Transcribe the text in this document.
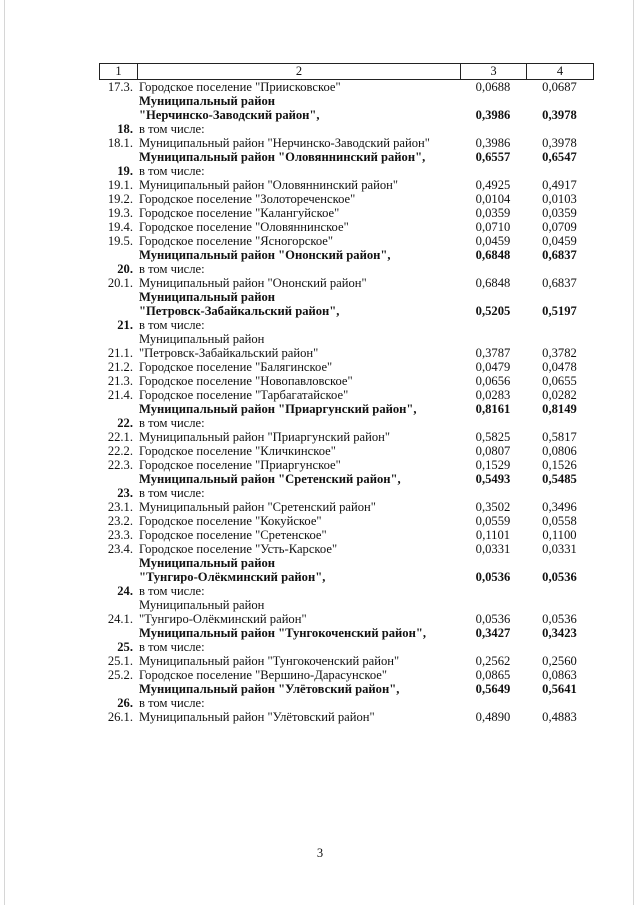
1	2	3	4
17.3.	Городское поселение "Приисковское"	0,0688	0,0687

18.	Муниципальный район
"Нерчинско-Заводский район",
в том числе:	0,3986	0,3978

18.1.	Муниципальный район "Нерчинско-Заводский район"	0,3986	0,3978

19.	Муниципальный район "Оловяннинский район",
в том числе:	0,6557	0,6547

19.1.	Муниципальный район "Оловяннинский район"	0,4925	0,4917

19.2.	Городское поселение "Золотореченское"	0,0104	0,0103

19.3.	Городское поселение "Калангуйское"	0,0359	0,0359

19.4.	Городское поселение "Оловяннинское"	0,0710	0,0709

19.5.	Городское поселение "Ясногорское"	0,0459	0,0459

20.	Муниципальный район "Ононский район",
в том числе:	0,6848	0,6837

20.1.	Муниципальный район "Ононский район"	0,6848	0,6837

21.	Муниципальный район
"Петровск-Забайкальский район",
в том числе:	0,5205	0,5197

21.1.	Муниципальный район
"Петровск-Забайкальский район"	0,3787	0,3782

21.2.	Городское поселение "Балягинское"	0,0479	0,0478

21.3.	Городское поселение "Новопавловское"	0,0656	0,0655

21.4.	Городское поселение "Тарбагатайское"	0,0283	0,0282

22.	Муниципальный район "Приаргунский район",
в том числе:	0,8161	0,8149

22.1.	Муниципальный район "Приаргунский район"	0,5825	0,5817

22.2.	Городское поселение "Кличкинское"	0,0807	0,0806

22.3.	Городское поселение "Приаргунское"	0,1529	0,1526

23.	Муниципальный район "Сретенский район",
в том числе:	0,5493	0,5485

23.1.	Муниципальный район "Сретенский район"	0,3502	0,3496

23.2.	Городское поселение "Кокуйское"	0,0559	0,0558

23.3.	Городское поселение "Сретенское"	0,1101	0,1100

23.4.	Городское поселение "Усть-Карское"	0,0331	0,0331

24.	Муниципальный район
"Тунгиро-Олёкминский район",
в том числе:	0,0536	0,0536

24.1.	Муниципальный район
"Тунгиро-Олёкминский район"	0,0536	0,0536

25.	Муниципальный район "Тунгокоченский район",
в том числе:	0,3427	0,3423

25.1.	Муниципальный район "Тунгокоченский район"	0,2562	0,2560

25.2.	Городское поселение "Вершино-Дарасунское"	0,0865	0,0863

26.	Муниципальный район "Улётовский район",
в том числе:	0,5649	0,5641

26.1.	Муниципальный район "Улётовский район"	0,4890	0,4883
3
